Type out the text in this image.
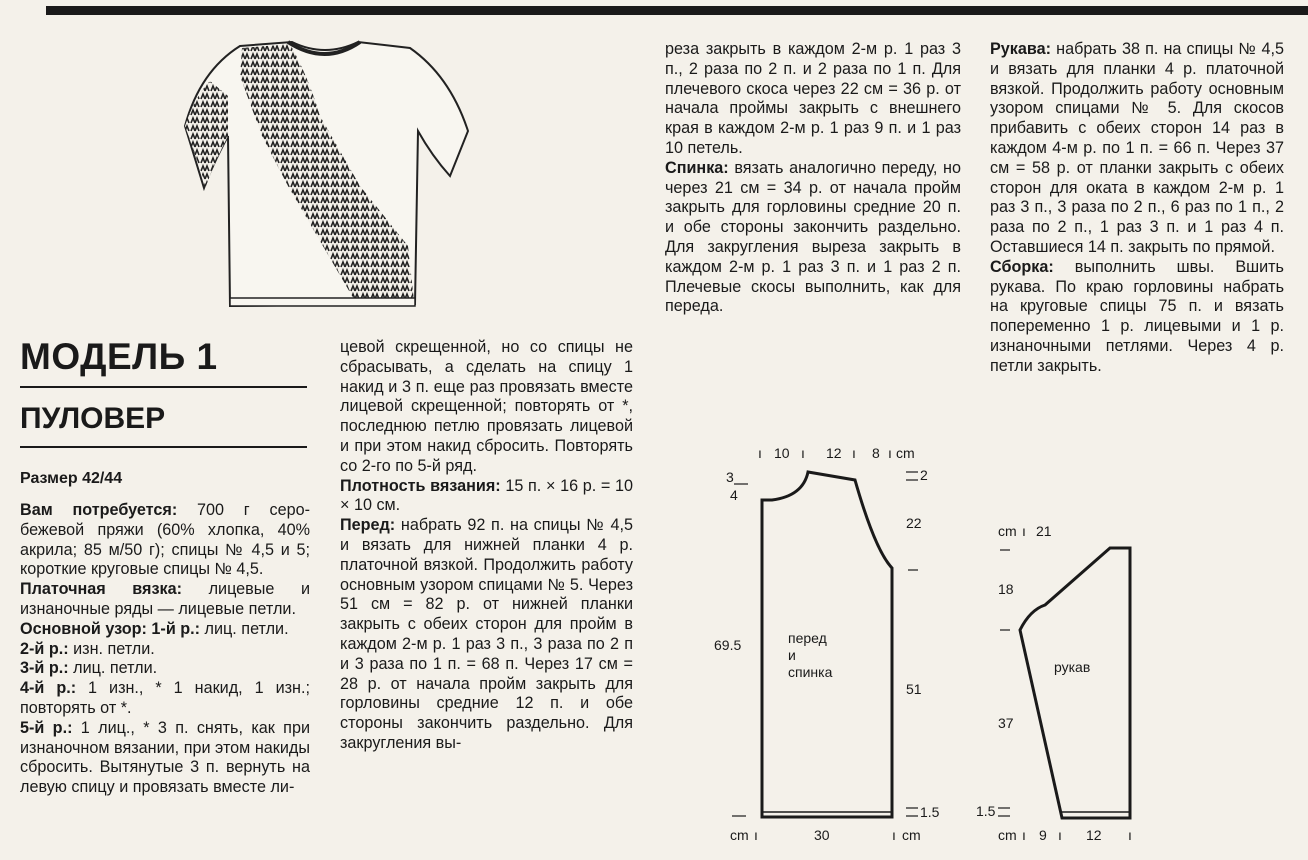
МОДЕЛЬ 1
ПУЛОВЕР
Размер 42/44

Вам потребуется: 700 г серо-бежевой пряжи (60% хлопка, 40% акрила; 85 м/50 г); спицы № 4,5 и 5; короткие круговые спицы № 4,5.

Платочная вязка: лицевые и изнаночные ряды — лицевые петли.

Основной узор: 1-й р.: лиц. петли.

2-й р.: изн. петли.

3-й р.: лиц. петли.

4-й р.: 1 изн., * 1 накид, 1 изн.; повторять от *.

5-й р.: 1 лиц., * 3 п. снять, как при изнаночном вязании, при этом накиды сбросить. Вытянутые 3 п. вернуть на левую спицу и провязать вместе ли-

цевой скрещенной, но со спицы не сбрасывать, а сделать на спицу 1 накид и 3 п. еще раз провязать вместе лицевой скрещенной; повторять от *, последнюю петлю провязать лицевой и при этом накид сбросить. Повторять со 2-го по 5-й ряд.

Плотность вязания: 15 п. × 16 р. = 10 × 10 см.

Перед: набрать 92 п. на спицы № 4,5 и вязать для нижней планки 4 р. платочной вязкой. Продолжить работу основным узором спицами № 5. Через 51 см = 82 р. от нижней планки закрыть с обеих сторон для пройм в каждом 2-м р. 1 раз 3 п., 3 раза по 2 п и 3 раза по 1 п. = 68 п. Через 17 см = 28 р. от начала пройм закрыть для горловины средние 12 п. и обе стороны закончить раздельно. Для закругления вы-

реза закрыть в каждом 2-м р. 1 раз 3 п., 2 раза по 2 п. и 2 раза по 1 п. Для плечевого скоса через 22 см = 36 р. от начала проймы закрыть с внешнего края в каждом 2-м р. 1 раз 9 п. и 1 раз 10 петель.

Спинка: вязать аналогично переду, но через 21 см = 34 р. от начала пройм закрыть для горловины средние 20 п. и обе стороны закончить раздельно. Для закругления выреза закрыть в каждом 2-м р. 1 раз 3 п. и 1 раз 2 п. Плечевые скосы выполнить, как для переда.

Рукава: набрать 38 п. на спицы № 4,5 и вязать для планки 4 р. платочной вязкой. Продолжить работу основным узором спицами № 5. Для скосов прибавить с обеих сторон 14 раз в каждом 4-м р. по 1 п. = 66 п. Через 37 см = 58 р. от планки закрыть с обеих сторон для оката в каждом 2-м р. 1 раз 3 п., 3 раза по 2 п., 6 раз по 1 п., 2 раза по 2 п., 1 раз 3 п. и 1 раз 4 п. Оставшиеся 14 п. закрыть по прямой.

Сборка: выполнить швы. Вшить рукава. По краю горловины набрать на круговые спицы 75 п. и вязать попеременно 1 р. лицевыми и 1 р. изнаночными петлями. Через 4 р. петли закрыть.

ı 10 ı 12 ı 8 ı cm
3
4
2
22
69.5
51
перед
и
спинка
1.5
cm ı	30	ı cm
cm ı 21
18
рукав
37
1.5
cm ı 9 ı 12 ı
